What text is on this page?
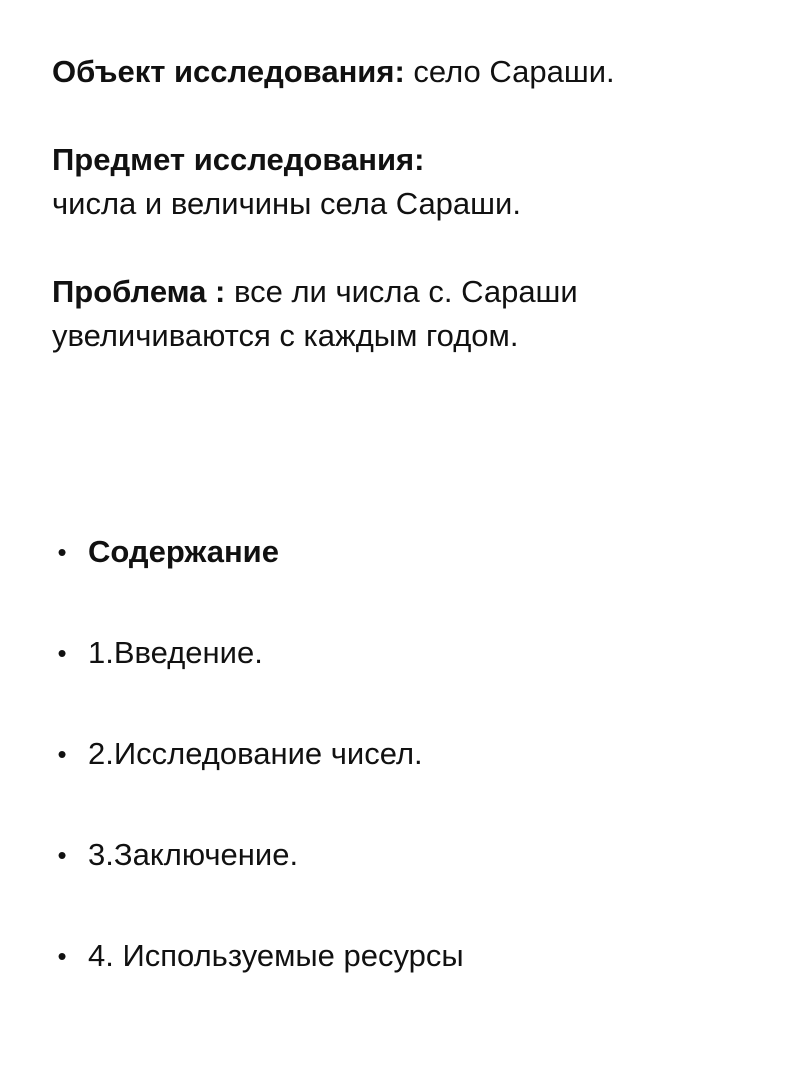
Объект исследования: село Сараши.

Предмет исследования:
числа и величины села Сараши.

Проблема : все ли числа с. Сараши
увеличиваются с каждым годом.

• Содержание
• 1.Введение.
• 2.Исследование чисел.
• 3.Заключение.
• 4. Используемые ресурсы
